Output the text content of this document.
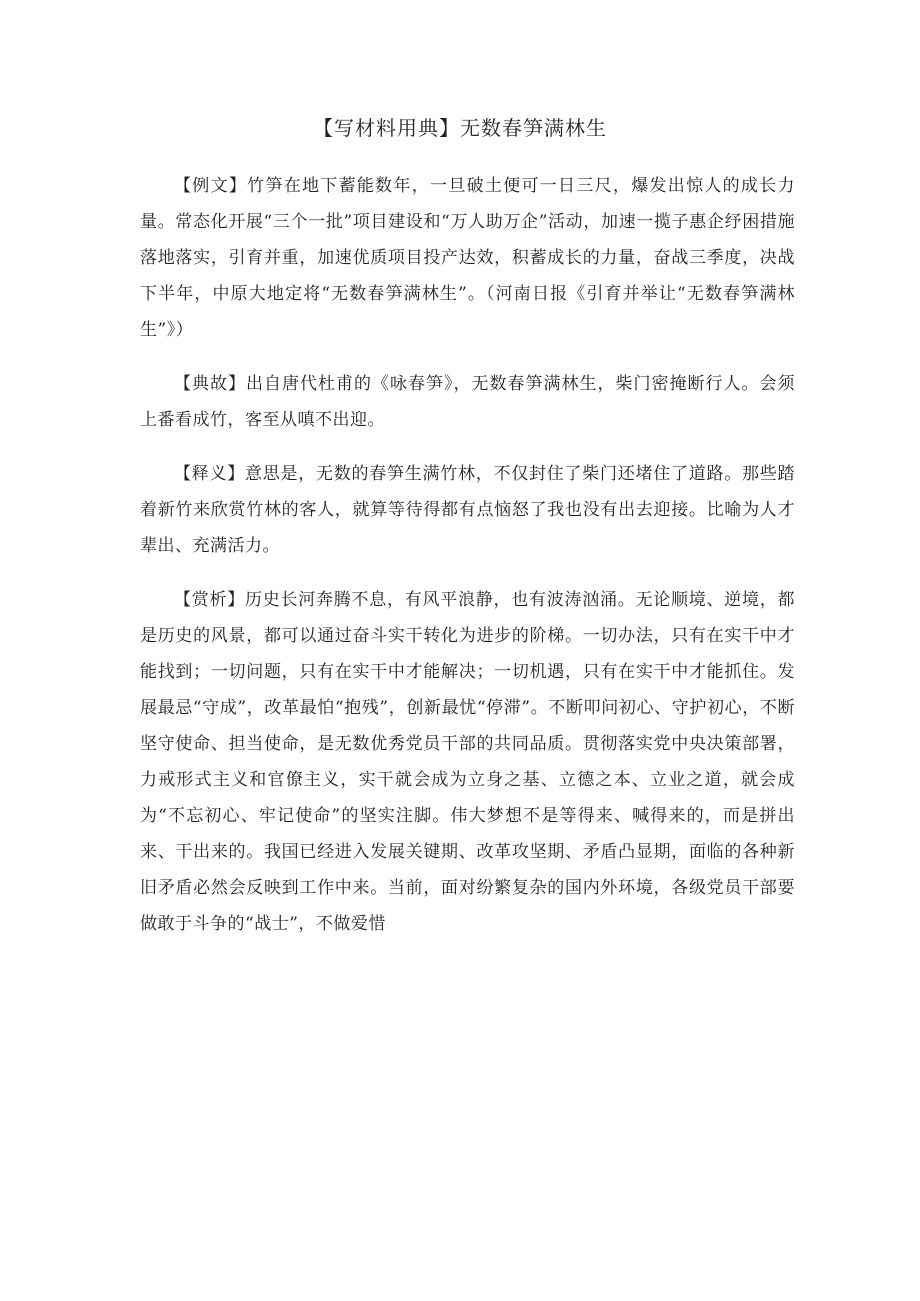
【写材料用典】无数春笋满林生

【例文】竹笋在地下蓄能数年，一旦破土便可一日三尺，爆发出惊人的成长力量。常态化开展“三个一批”项目建设和“万人助万企”活动，加速一揽子惠企纾困措施落地落实，引育并重，加速优质项目投产达效，积蓄成长的力量，奋战三季度，决战下半年，中原大地定将“无数春笋满林生”。（河南日报《引育并举让“无数春笋满林生”》）

【典故】出自唐代杜甫的《咏春笋》，无数春笋满林生，柴门密掩断行人。会须上番看成竹，客至从嗔不出迎。

【释义】意思是，无数的春笋生满竹林，不仅封住了柴门还堵住了道路。那些踏着新竹来欣赏竹林的客人，就算等待得都有点恼怒了我也没有出去迎接。比喻为人才辈出、充满活力。

【赏析】历史长河奔腾不息，有风平浪静，也有波涛汹涌。无论顺境、逆境，都是历史的风景，都可以通过奋斗实干转化为进步的阶梯。一切办法，只有在实干中才能找到；一切问题，只有在实干中才能解决；一切机遇，只有在实干中才能抓住。发展最忌“守成”，改革最怕“抱残”，创新最忧“停滞”。不断叩问初心、守护初心，不断坚守使命、担当使命，是无数优秀党员干部的共同品质。贯彻落实党中央决策部署，力戒形式主义和官僚主义，实干就会成为立身之基、立德之本、立业之道，就会成为“不忘初心、牢记使命”的坚实注脚。伟大梦想不是等得来、喊得来的，而是拼出来、干出来的。我国已经进入发展关键期、改革攻坚期、矛盾凸显期，面临的各种新旧矛盾必然会反映到工作中来。当前，面对纷繁复杂的国内外环境，各级党员干部要做敢于斗争的“战士”，不做爱惜
